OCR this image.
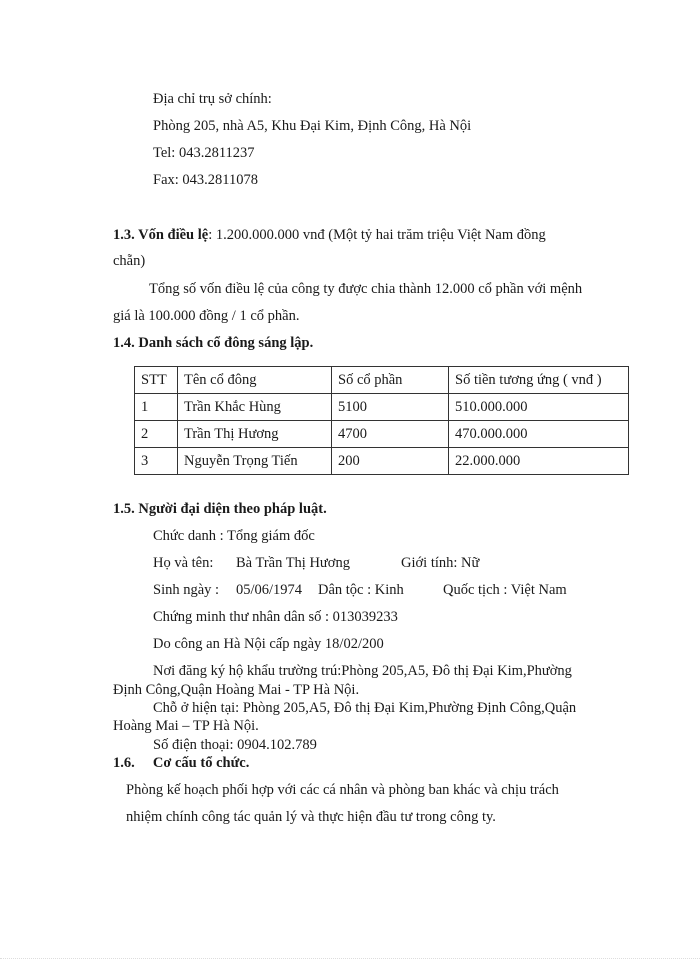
Địa chỉ trụ sở chính:
Phòng 205, nhà A5, Khu Đại Kim, Định Công, Hà Nội
Tel: 043.2811237
Fax: 043.2811078
1.3. Vốn điều lệ: 1.200.000.000 vnđ (Một tỷ hai trăm triệu Việt Nam đồng
chẵn)
Tổng số vốn điều lệ của công ty được chia thành 12.000 cổ phần với mệnh
giá là 100.000 đồng / 1 cổ phần.
1.4. Danh sách cổ đông sáng lập.
STT	Tên cổ đông	Số cổ phần	Số tiền tương ứng ( vnđ )
1	Trần Khắc Hùng	5100	510.000.000
2	Trần Thị Hương	4700	470.000.000
3	Nguyễn Trọng Tiến	200	22.000.000
1.5. Người đại diện theo pháp luật.
Chức danh : Tổng giám đốc
Họ và tên: Bà Trần Thị Hương	Giới tính: Nữ
Sinh ngày : 05/06/1974 Dân tộc : Kinh	Quốc tịch : Việt Nam
Chứng minh thư nhân dân số : 013039233
Do công an Hà Nội cấp ngày 18/02/200
Nơi đăng ký hộ khẩu trường trú:Phòng 205,A5, Đô thị Đại Kim,Phường
Định Công,Quận Hoàng Mai - TP Hà Nội.
Chỗ ở hiện tại: Phòng 205,A5, Đô thị Đại Kim,Phường Định Công,Quận
Hoàng Mai – TP Hà Nội.
Số điện thoại: 0904.102.789
1.6.     Cơ cấu tổ chức.
Phòng kế hoạch phối hợp với các cá nhân và phòng ban khác và chịu trách
nhiệm chính công tác quản lý và thực hiện đầu tư trong công ty.
